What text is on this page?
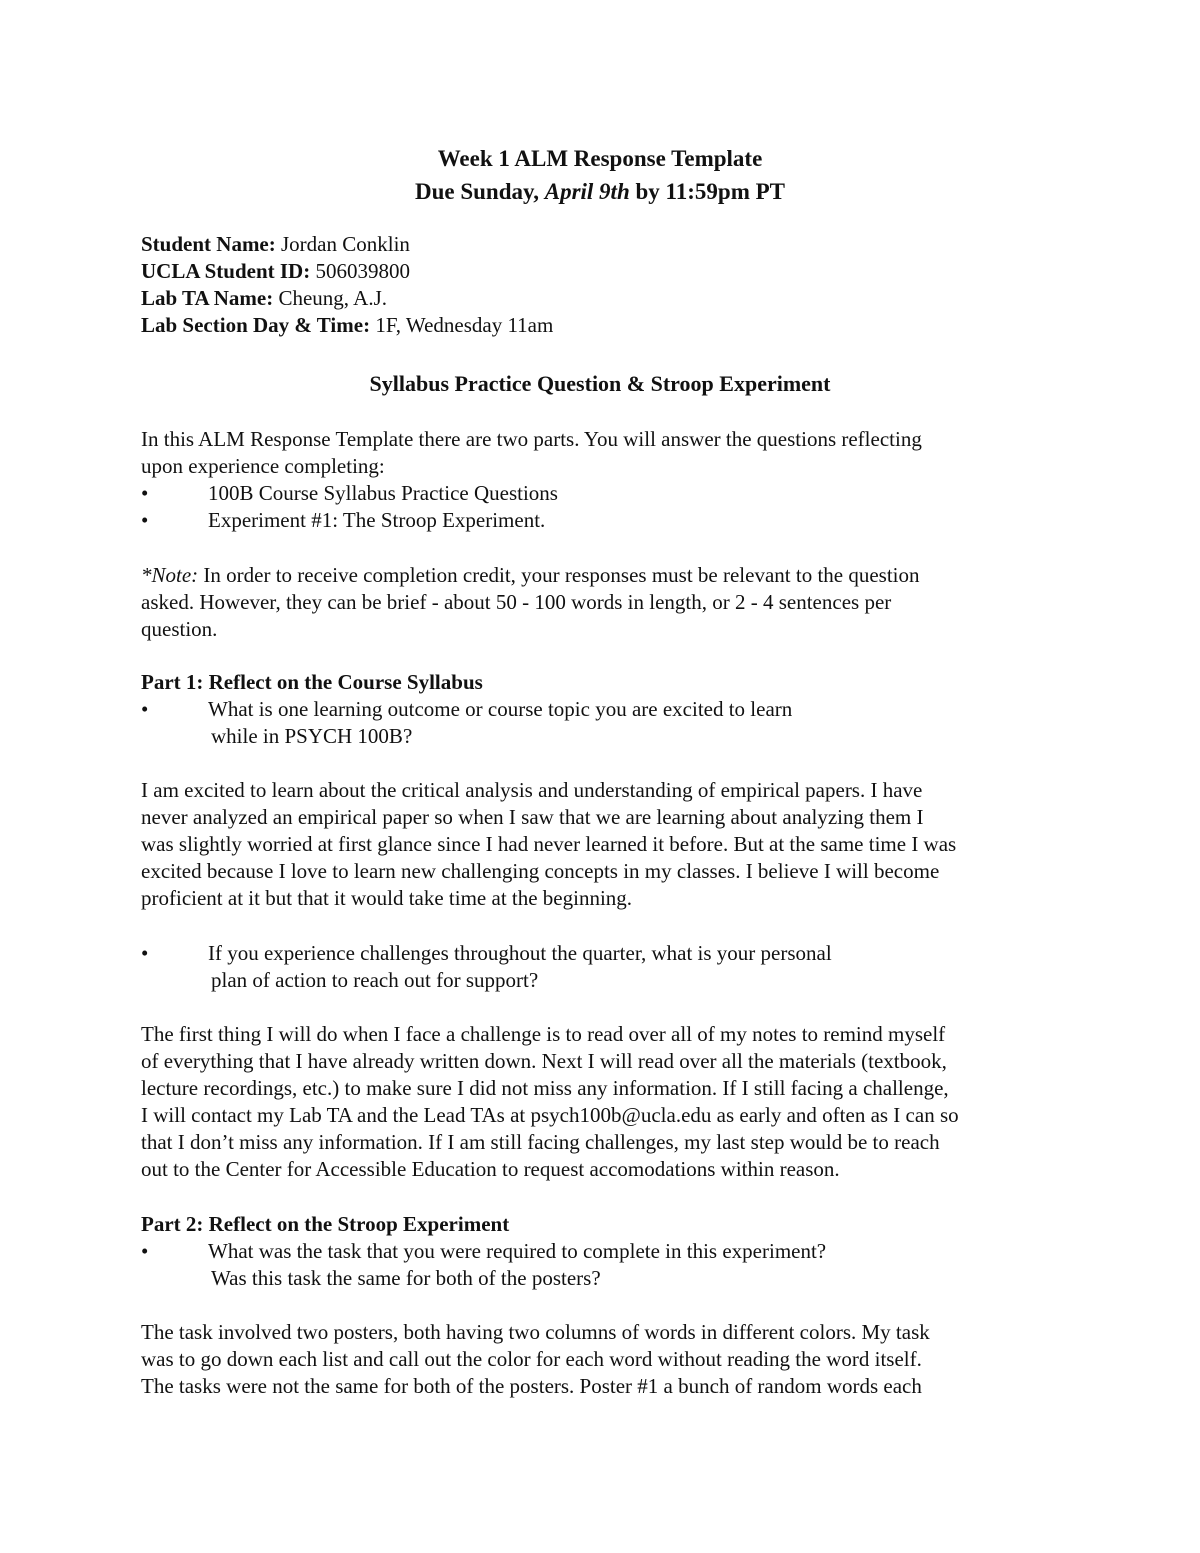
Week 1 ALM Response Template
Due Sunday, April 9th by 11:59pm PT
Student Name: Jordan Conklin
UCLA Student ID: 506039800
Lab TA Name: Cheung, A.J.
Lab Section Day & Time: 1F, Wednesday 11am
Syllabus Practice Question & Stroop Experiment
In this ALM Response Template there are two parts. You will answer the questions reflecting
upon experience completing:
•	100B Course Syllabus Practice Questions
•	Experiment #1: The Stroop Experiment.
*Note: In order to receive completion credit, your responses must be relevant to the question
asked. However, they can be brief - about 50 - 100 words in length, or 2 - 4 sentences per
question.
Part 1: Reflect on the Course Syllabus
•	What is one learning outcome or course topic you are excited to learn
while in PSYCH 100B?
I am excited to learn about the critical analysis and understanding of empirical papers. I have
never analyzed an empirical paper so when I saw that we are learning about analyzing them I
was slightly worried at first glance since I had never learned it before. But at the same time I was
excited because I love to learn new challenging concepts in my classes. I believe I will become
proficient at it but that it would take time at the beginning.
•	If you experience challenges throughout the quarter, what is your personal
plan of action to reach out for support?
The first thing I will do when I face a challenge is to read over all of my notes to remind myself
of everything that I have already written down. Next I will read over all the materials (textbook,
lecture recordings, etc.) to make sure I did not miss any information. If I still facing a challenge,
I will contact my Lab TA and the Lead TAs at psych100b@ucla.edu as early and often as I can so
that I don’t miss any information. If I am still facing challenges, my last step would be to reach
out to the Center for Accessible Education to request accomodations within reason.
Part 2: Reflect on the Stroop Experiment
•	What was the task that you were required to complete in this experiment?
Was this task the same for both of the posters?
The task involved two posters, both having two columns of words in different colors. My task
was to go down each list and call out the color for each word without reading the word itself.
The tasks were not the same for both of the posters. Poster #1 a bunch of random words each
